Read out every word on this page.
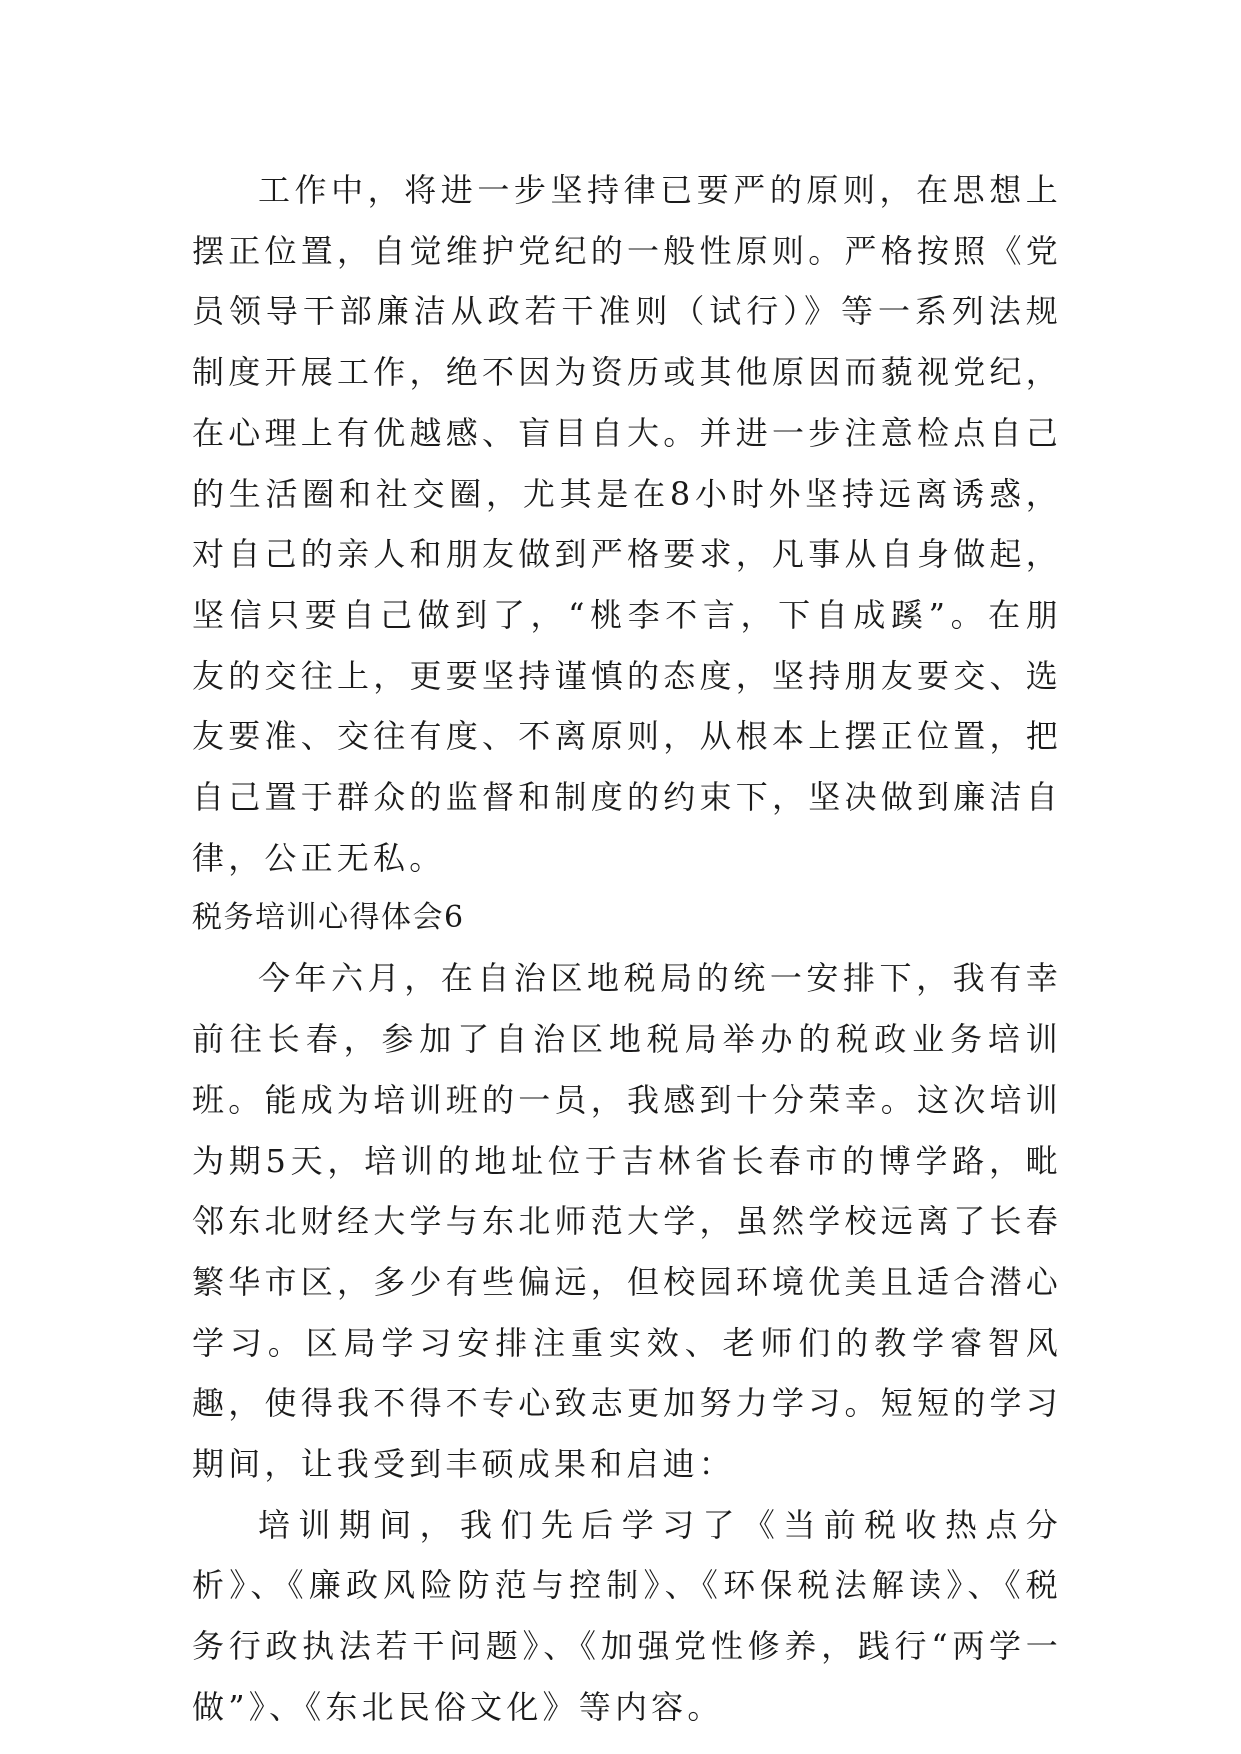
工作中，将进一步坚持律已要严的原则，在思想上摆正位置，自觉维护党纪的一般性原则。严格按照《党员领导干部廉洁从政若干准则（试行）》等一系列法规制度开展工作，绝不因为资历或其他原因而藐视党纪，在心理上有优越感、盲目自大。并进一步注意检点自己的生活圈和社交圈，尤其是在8小时外坚持远离诱惑，对自己的亲人和朋友做到严格要求，凡事从自身做起，坚信只要自己做到了，“桃李不言，下自成蹊”。在朋友的交往上，更要坚持谨慎的态度，坚持朋友要交、选友要准、交往有度、不离原则，从根本上摆正位置，把自己置于群众的监督和制度的约束下，坚决做到廉洁自律，公正无私。

税务培训心得体会6

今年六月，在自治区地税局的统一安排下，我有幸前往长春，参加了自治区地税局举办的税政业务培训班。能成为培训班的一员，我感到十分荣幸。这次培训为期5天，培训的地址位于吉林省长春市的博学路，毗邻东北财经大学与东北师范大学，虽然学校远离了长春繁华市区，多少有些偏远，但校园环境优美且适合潜心学习。区局学习安排注重实效、老师们的教学睿智风趣，使得我不得不专心致志更加努力学习。短短的学习期间，让我受到丰硕成果和启迪：

培训期间，我们先后学习了《当前税收热点分析》、《廉政风险防范与控制》、《环保税法解读》、《税务行政执法若干问题》、《加强党性修养，践行“两学一做”》、《东北民俗文化》等内容。
